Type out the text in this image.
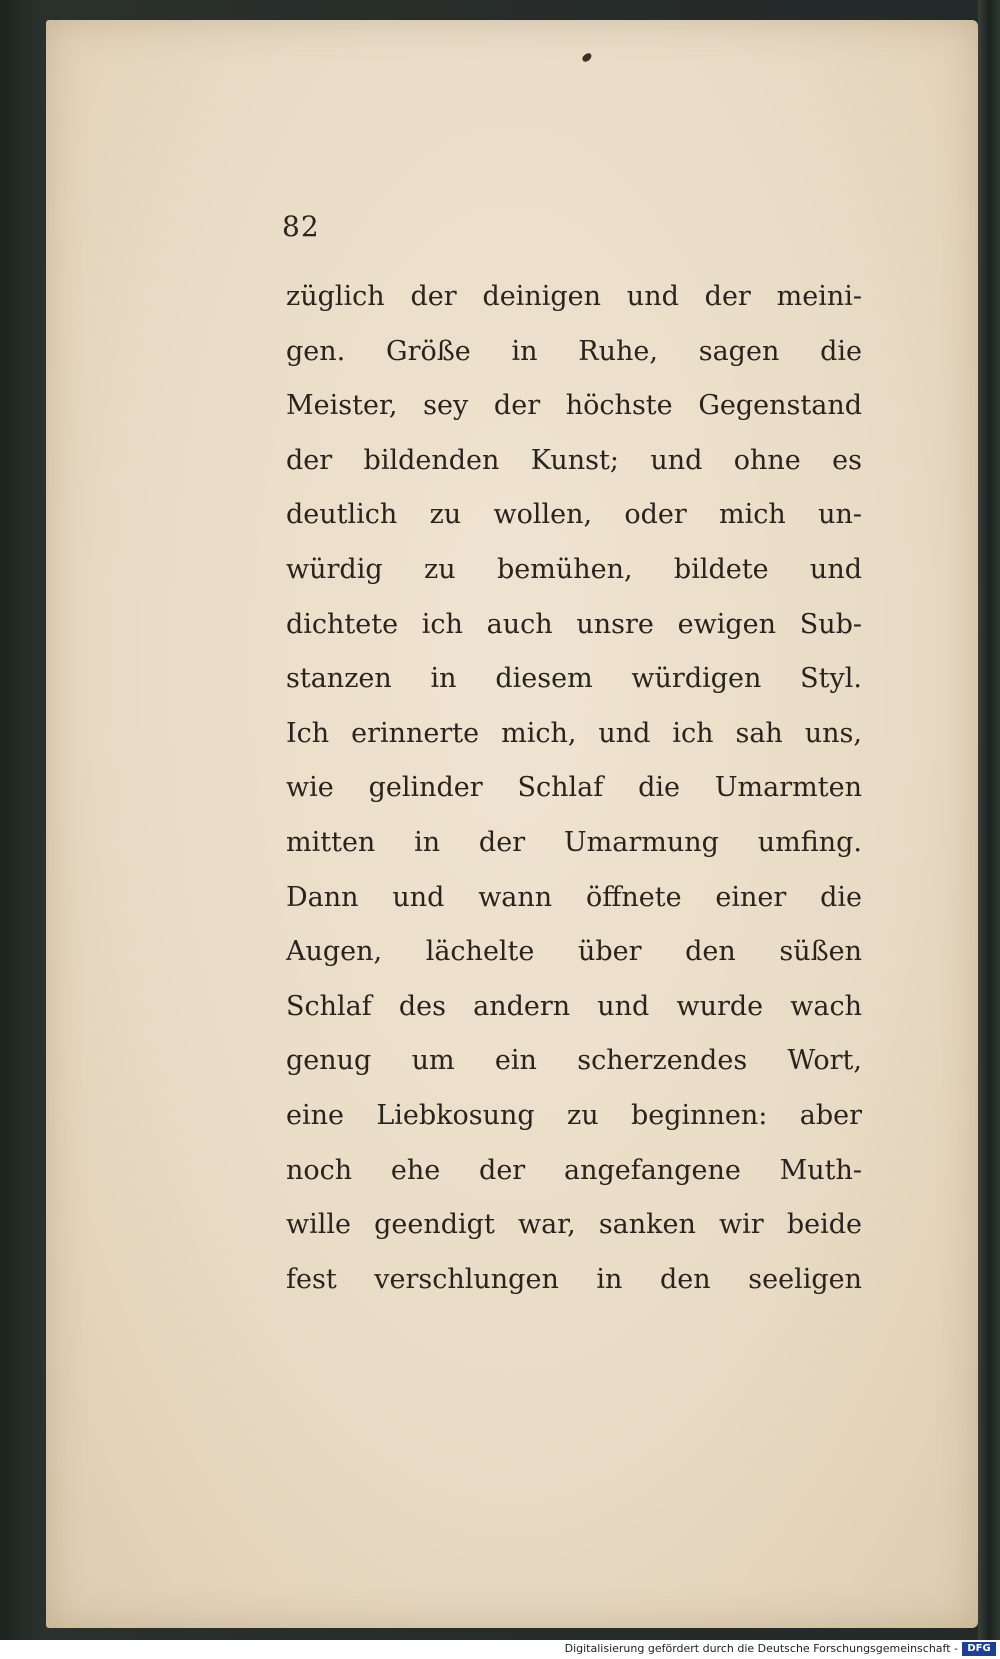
82
züglich der deinigen und der meini-
gen. Größe in Ruhe, sagen die
Meister, sey der höchste Gegenstand
der bildenden Kunst; und ohne es
deutlich zu wollen, oder mich un-
würdig zu bemühen, bildete und
dichtete ich auch unsre ewigen Sub-
stanzen in diesem würdigen Styl.
Ich erinnerte mich, und ich sah uns,
wie gelinder Schlaf die Umarmten
mitten in der Umarmung umfing.
Dann und wann öffnete einer die
Augen, lächelte über den süßen
Schlaf des andern und wurde wach
genug um ein scherzendes Wort,
eine Liebkosung zu beginnen: aber
noch ehe der angefangene Muth-
wille geendigt war, sanken wir beide
fest verschlungen in den seeligen
Digitalisierung gefördert durch die Deutsche Forschungsgemeinschaft - DFG
